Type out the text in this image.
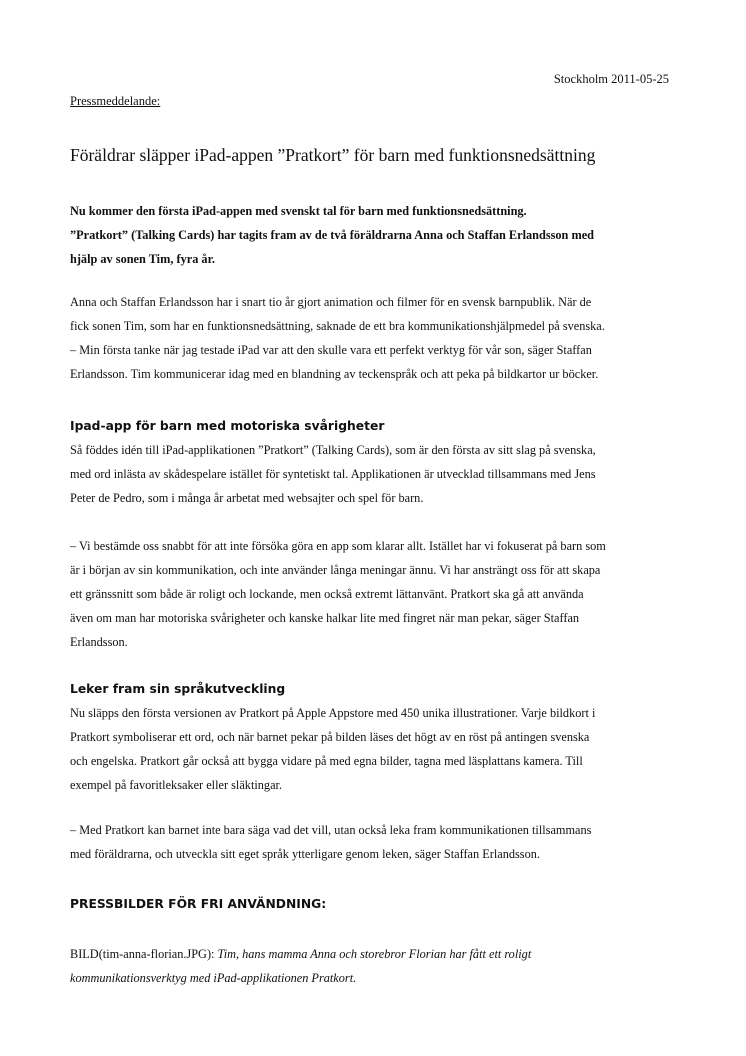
Stockholm 2011-05-25
Pressmeddelande:
Föräldrar släpper iPad-appen ”Pratkort” för barn med funktionsnedsättning

Nu kommer den första iPad-appen med svenskt tal för barn med funktionsnedsättning.

”Pratkort” (Talking Cards) har tagits fram av de två föräldrarna Anna och Staffan Erlandsson med

hjälp av sonen Tim, fyra år.

Anna och Staffan Erlandsson har i snart tio år gjort animation och filmer för en svensk barnpublik. När de

fick sonen Tim, som har en funktionsnedsättning, saknade de ett bra kommunikationshjälpmedel på svenska.

– Min första tanke när jag testade iPad var att den skulle vara ett perfekt verktyg för vår son, säger Staffan

Erlandsson. Tim kommunicerar idag med en blandning av teckenspråk och att peka på bildkartor ur böcker.

Ipad-app för barn med motoriska svårigheter

Så föddes idén till iPad-applikationen ”Pratkort” (Talking Cards), som är den första av sitt slag på svenska,

med ord inlästa av skådespelare istället för syntetiskt tal. Applikationen är utvecklad tillsammans med Jens

Peter de Pedro, som i många år arbetat med websajter och spel för barn.

– Vi bestämde oss snabbt för att inte försöka göra en app som klarar allt. Istället har vi fokuserat på barn som

är i början av sin kommunikation, och inte använder långa meningar ännu. Vi har ansträngt oss för att skapa

ett gränssnitt som både är roligt och lockande, men också extremt lättanvänt. Pratkort ska gå att använda

även om man har motoriska svårigheter och kanske halkar lite med fingret när man pekar, säger Staffan

Erlandsson.

Leker fram sin språkutveckling

Nu släpps den första versionen av Pratkort på Apple Appstore med 450 unika illustrationer. Varje bildkort i

Pratkort symboliserar ett ord, och när barnet pekar på bilden läses det högt av en röst på antingen svenska

och engelska. Pratkort går också att bygga vidare på med egna bilder, tagna med läsplattans kamera. Till

exempel på favoritleksaker eller släktingar.

– Med Pratkort kan barnet inte bara säga vad det vill, utan också leka fram kommunikationen tillsammans

med föräldrarna, och utveckla sitt eget språk ytterligare genom leken, säger Staffan Erlandsson.

PRESSBILDER FÖR FRI ANVÄNDNING:

BILD(tim-anna-florian.JPG): Tim, hans mamma Anna och storebror Florian har fått ett roligt

kommunikationsverktyg med iPad-applikationen Pratkort.
